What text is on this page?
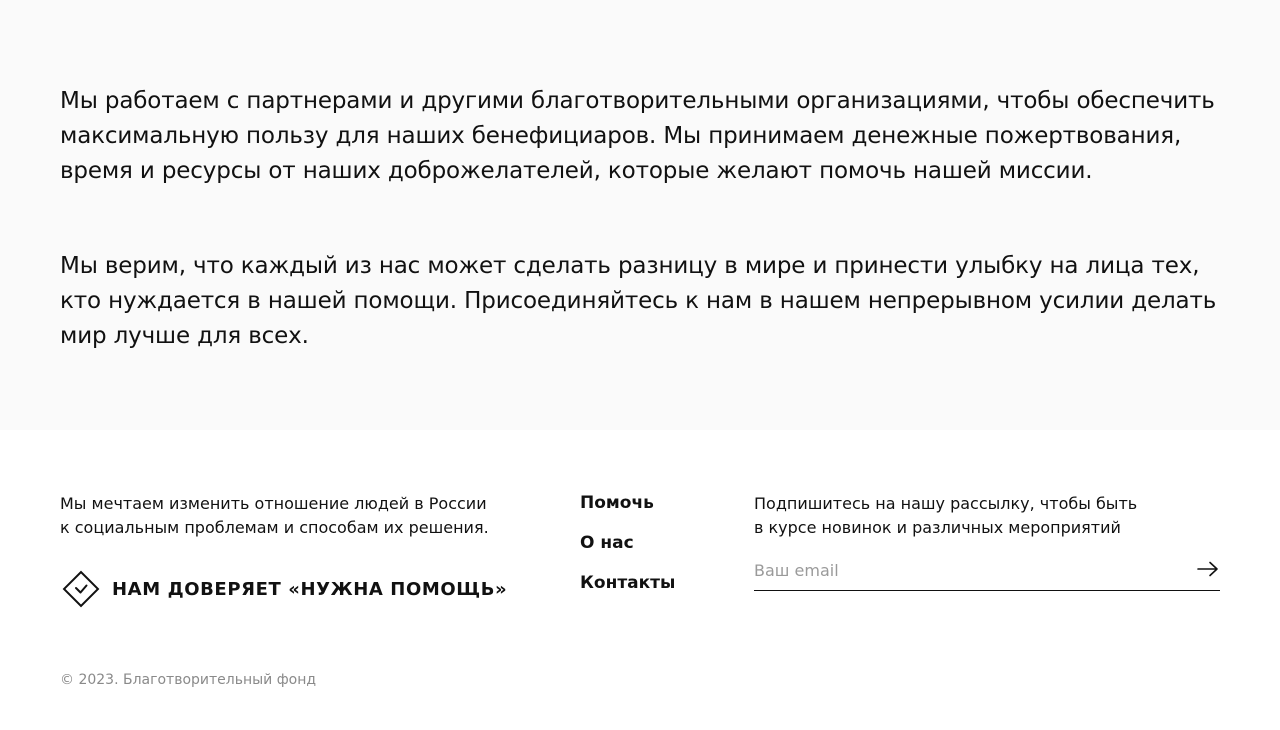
Мы работаем с партнерами и другими благотворительными организациями, чтобы обеспечить максимальную пользу для наших бенефициаров. Мы принимаем денежные пожертвования, время и ресурсы от наших доброжелателей, которые желают помочь нашей миссии.

Мы верим, что каждый из нас может сделать разницу в мире и принести улыбку на лица тех, кто нуждается в нашей помощи. Присоединяйтесь к нам в нашем непрерывном усилии делать мир лучше для всех.

Мы мечтаем изменить отношение людей в России
к социальным проблемам и способам их решения.
НАМ ДОВЕРЯЕТ «НУЖНА ПОМОЩЬ»
Помочь
О нас
Контакты
Подпишитесь на нашу рассылку, чтобы быть
в курсе новинок и различных мероприятий
Ваш email
© 2023. Благотворительный фонд
